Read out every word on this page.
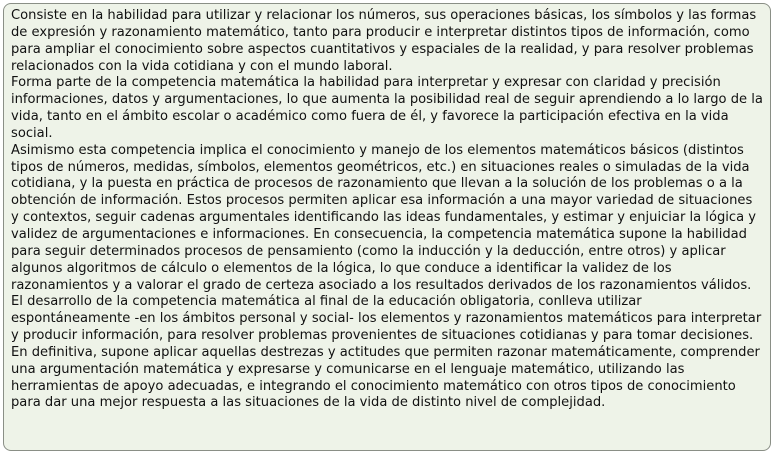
Consiste en la habilidad para utilizar y relacionar los números, sus operaciones básicas, los símbolos y las formas de expresión y razonamiento matemático, tanto para producir e interpretar distintos tipos de información, como para ampliar el conocimiento sobre aspectos cuantitativos y espaciales de la realidad, y para resolver problemas relacionados con la vida cotidiana y con el mundo laboral.

Forma parte de la competencia matemática la habilidad para interpretar y expresar con claridad y precisión informaciones, datos y argumentaciones, lo que aumenta la posibilidad real de seguir aprendiendo a lo largo de la vida, tanto en el ámbito escolar o académico como fuera de él, y favorece la participación efectiva en la vida social.

Asimismo esta competencia implica el conocimiento y manejo de los elementos matemáticos básicos (distintos tipos de números, medidas, símbolos, elementos geométricos, etc.) en situaciones reales o simuladas de la vida cotidiana, y la puesta en práctica de procesos de razonamiento que llevan a la solución de los problemas o a la obtención de información. Estos procesos permiten aplicar esa información a una mayor variedad de situaciones y contextos, seguir cadenas argumentales identificando las ideas fundamentales, y estimar y enjuiciar la lógica y validez de argumentaciones e informaciones. En consecuencia, la competencia matemática supone la habilidad para seguir determinados procesos de pensamiento (como la inducción y la deducción, entre otros) y aplicar algunos algoritmos de cálculo o elementos de la lógica, lo que conduce a identificar la validez de los razonamientos y a valorar el grado de certeza asociado a los resultados derivados de los razonamientos válidos.

El desarrollo de la competencia matemática al final de la educación obligatoria, conlleva utilizar espontáneamente -en los ámbitos personal y social- los elementos y razonamientos matemáticos para interpretar y producir información, para resolver problemas provenientes de situaciones cotidianas y para tomar decisiones. En definitiva, supone aplicar aquellas destrezas y actitudes que permiten razonar matemáticamente, comprender una argumentación matemática y expresarse y comunicarse en el lenguaje matemático, utilizando las herramientas de apoyo adecuadas, e integrando el conocimiento matemático con otros tipos de conocimiento para dar una mejor respuesta a las situaciones de la vida de distinto nivel de complejidad.
